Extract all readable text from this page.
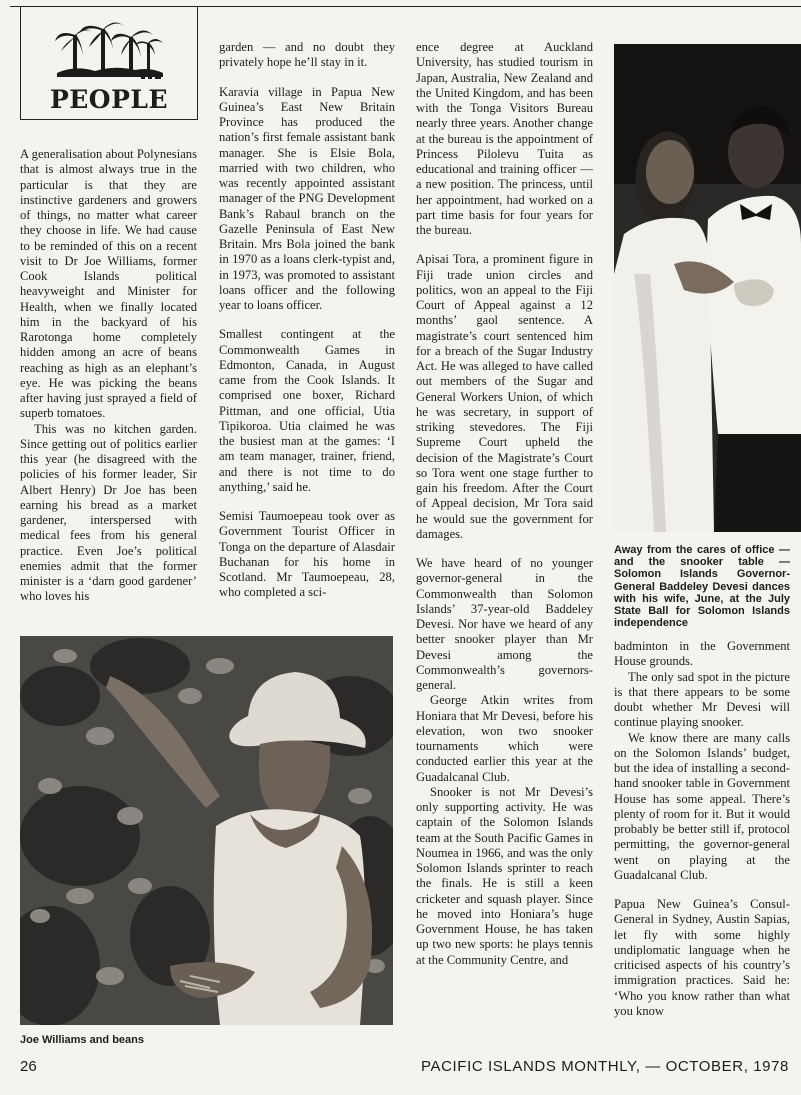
PEOPLE

A generalisation about Polynesians that is almost always true in the particular is that they are instinctive gardeners and growers of things, no matter what career they choose in life. We had cause to be reminded of this on a recent visit to Dr Joe Williams, former Cook Islands political heavyweight and Minister for Health, when we finally located him in the backyard of his Rarotonga home completely hidden among an acre of beans reaching as high as an elephant’s eye. He was picking the beans after having just sprayed a field of superb tomatoes.

This was no kitchen garden. Since getting out of politics earlier this year (he disagreed with the policies of his former leader, Sir Albert Henry) Dr Joe has been earning his bread as a market gardener, interspersed with medical fees from his general practice. Even Joe’s political enemies admit that the former minister is a ‘darn good gardener’ who loves his

garden — and no doubt they privately hope he’ll stay in it.

Karavia village in Papua New Guinea’s East New Britain Province has produced the nation’s first female assistant bank manager. She is Elsie Bola, married with two children, who was recently appointed assistant manager of the PNG Development Bank’s Rabaul branch on the Gazelle Peninsula of East New Britain. Mrs Bola joined the bank in 1970 as a loans clerk-typist and, in 1973, was promoted to assistant loans officer and the following year to loans officer.

Smallest contingent at the Commonwealth Games in Edmonton, Canada, in August came from the Cook Islands. It comprised one boxer, Richard Pittman, and one official, Utia Tipikoroa. Utia claimed he was the busiest man at the games: ‘I am team manager, trainer, friend, and there is not time to do anything,’ said he.

Semisi Taumoepeau took over as Government Tourist Officer in Tonga on the departure of Alasdair Buchanan for his home in Scotland. Mr Taumoepeau, 28, who completed a sci-

ence degree at Auckland University, has studied tourism in Japan, Australia, New Zealand and the United Kingdom, and has been with the Tonga Visitors Bureau nearly three years. Another change at the bureau is the appointment of Princess Pilolevu Tuita as educational and training officer — a new position. The princess, until her appointment, had worked on a part time basis for four years for the bureau.

Apisai Tora, a prominent figure in Fiji trade union circles and politics, won an appeal to the Fiji Court of Appeal against a 12 months’ gaol sentence. A magistrate’s court sentenced him for a breach of the Sugar Industry Act. He was alleged to have called out members of the Sugar and General Workers Union, of which he was secretary, in support of striking stevedores. The Fiji Supreme Court upheld the decision of the Magistrate’s Court so Tora went one stage further to gain his freedom. After the Court of Appeal decision, Mr Tora said he would sue the government for damages.

We have heard of no younger governor-general in the Commonwealth than Solomon Islands’ 37-year-old Baddeley Devesi. Nor have we heard of any better snooker player than Mr Devesi among the Commonwealth’s governors-general.

George Atkin writes from Honiara that Mr Devesi, before his elevation, won two snooker tournaments which were conducted earlier this year at the Guadalcanal Club.

Snooker is not Mr Devesi’s only supporting activity. He was captain of the Solomon Islands team at the South Pacific Games in Noumea in 1966, and was the only Solomon Islands sprinter to reach the finals. He is still a keen cricketer and squash player. Since he moved into Honiara’s huge Government House, he has taken up two new sports: he plays tennis at the Community Centre, and

Away from the cares of office — and the snooker table — Solomon Islands Governor-General Baddeley Devesi dances with his wife, June, at the July State Ball for Solomon Islands independence

badminton in the Government House grounds.

The only sad spot in the picture is that there appears to be some doubt whether Mr Devesi will continue playing snooker.

We know there are many calls on the Solomon Islands’ budget, but the idea of installing a second-hand snooker table in Government House has some appeal. There’s plenty of room for it. But it would probably be better still if, protocol permitting, the governor-general went on playing at the Guadalcanal Club.

Papua New Guinea’s Consul-General in Sydney, Austin Sapias, let fly with some highly undiplomatic language when he criticised aspects of his country’s immigration practices. Said he: ‘Who you know rather than what you know

Joe Williams and beans
26	PACIFIC ISLANDS MONTHLY, — OCTOBER, 1978
